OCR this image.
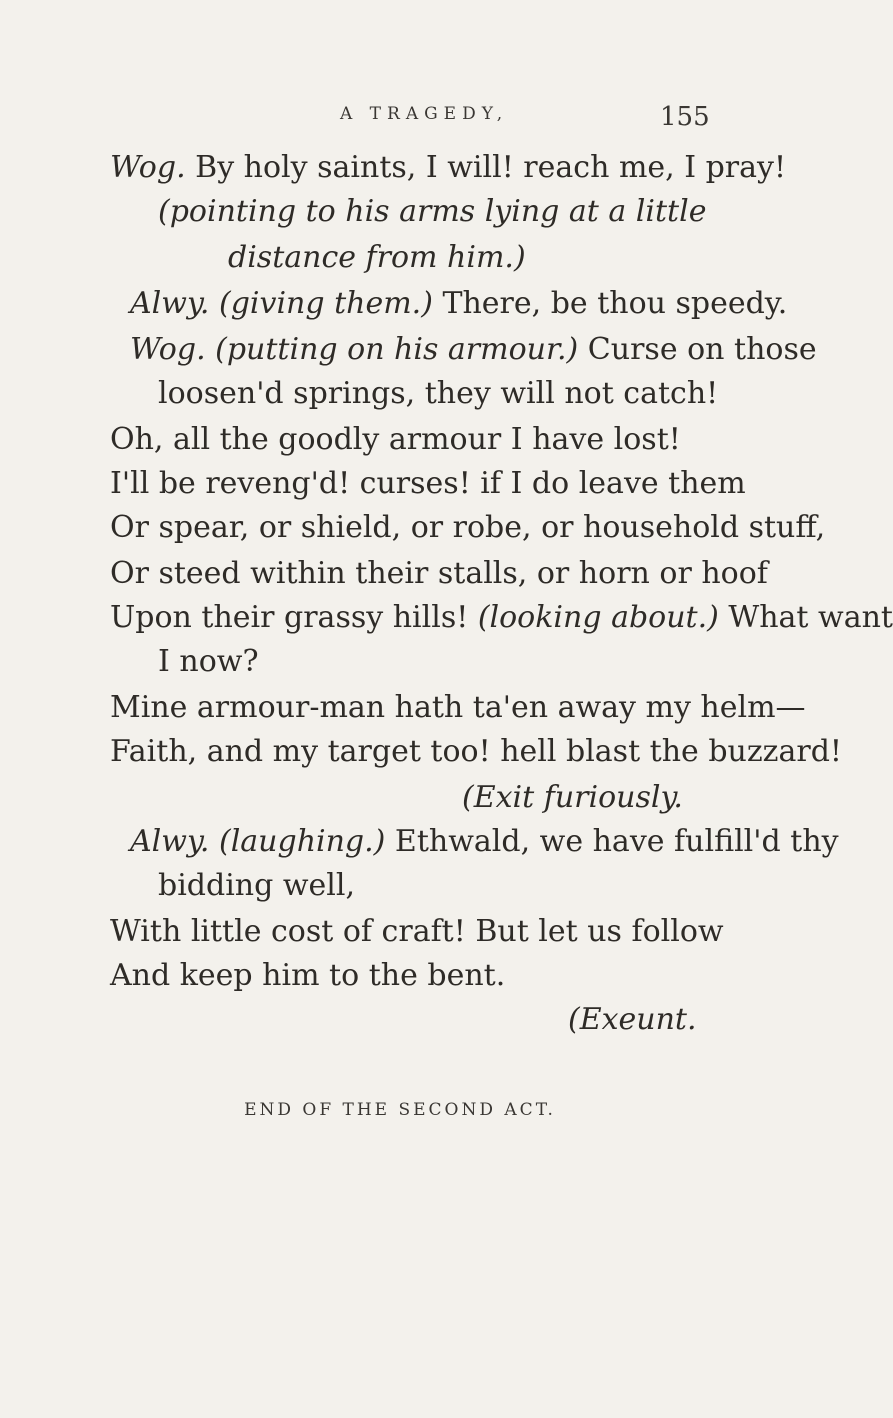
A TRAGEDY,	155
Wog. By holy saints, I will! reach me, I pray!
(pointing to his arms lying at a little
distance from him.)
Alwy. (giving them.) There, be thou speedy.
Wog. (putting on his armour.) Curse on those
loosen'd springs, they will not catch!
Oh, all the goodly armour I have lost!
I'll be reveng'd! curses! if I do leave them
Or spear, or shield, or robe, or household stuff,
Or steed within their stalls, or horn or hoof
Upon their grassy hills! (looking about.) What want
I now?
Mine armour-man hath ta'en away my helm—
Faith, and my target too! hell blast the buzzard!
(Exit furiously.
Alwy. (laughing.) Ethwald, we have fulfill'd thy
bidding well,
With little cost of craft! But let us follow
And keep him to the bent.
(Exeunt.
END OF THE SECOND ACT.
